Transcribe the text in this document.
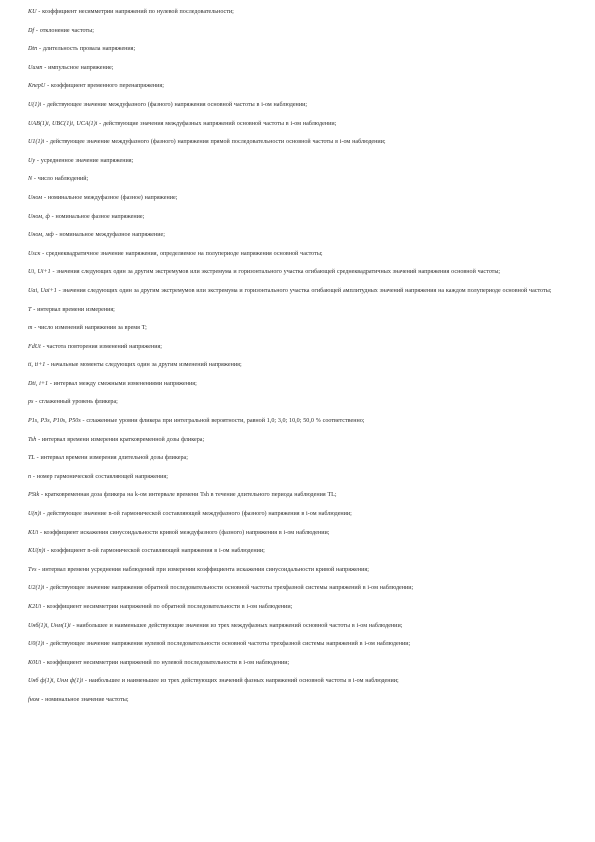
KU - коэффициент несимметрии напряжений по нулевой последовательности;
Df - отклонение частоты;
Dtп - длительность провала напряжения;
Uимп - импульсное напряжение;
KперU - коэффициент временного перенапряжения;
U(1)i - действующее значение междуфазного (фазного) напряжения основной частоты в i-ом наблюдении;
UAB(1)i, UBC(1)i, UCA(1)i - действующие значения междуфазных напряжений основной частоты в i-ом наблюдении;
U1(1)i - действующее значение междуфазного (фазного) напряжения прямой последовательности основной частоты в i-ом наблюдении;
Uy - усредненное значение напряжения;
N - число наблюдений;
Uном - номинальное междуфазное (фазное) напряжение;
Uном, ф - номинальное фазное напряжение;
Uном, мф - номинальное междуфазное напряжение;
Uscк - среднеквадратичное значение напряжения, определяемое на полупериоде напряжения основной частоты;
Ui, Ui+1 - значения следующих один за другим экстремумов или экстремума и горизонтального участка огибающей среднеквадратичных значений напряжения основной частоты;
Uai, Uai+1 - значения следующих один за другим экстремумов или экстремума и горизонтального участка огибающей амплитудных значений напряжения на каждом полупериоде основной частоты;
T - интервал времени измерения;
m - число изменений напряжения за время T;
FdUt - частота повторения изменений напряжения;
ti, ti+1 - начальные моменты следующих один за другим изменений напряжения;
Dti, i+1 - интервал между смежными изменениями напряжения;
ps - сглаженный уровень фликера;
P1s, P3s, P10s, P50s - сглаженные уровни фликера при интегральной вероятности, равной 1,0; 3,0; 10,0; 50,0 % соответственно;
Tsh - интервал времени измерения кратковременной дозы фликера;
TL - интервал времени измерения длительной дозы фликера;
n - номер гармонической составляющей напряжения;
PStk - кратковременная доза фликера на k-ом интервале времени Tsh в течение длительного периода наблюдения TL;
U(n)i - действующее значение n-ой гармонической составляющей междуфазного (фазного) напряжения в i-ом наблюдении;
KUi - коэффициент искажения синусоидальности кривой междуфазного (фазного) напряжения в i-ом наблюдении;
KU(n)i - коэффициент n-ой гармонической составляющей напряжения в i-ом наблюдении;
Tvs - интервал времени усреднения наблюдений при измерении коэффициента искажения синусоидальности кривой напряжения;
U2(1)i - действующее значение напряжения обратной последовательности основной частоты трехфазной системы напряжений в i-ом наблюдении;
K2Ui - коэффициент несимметрии напряжений по обратной последовательности в i-ом наблюдении;
Uнб(1)i, Uнм(1)i - наибольшее и наименьшее действующие значения из трех междуфазных напряжений основной частоты в i-ом наблюдении;
U0(1)i - действующее значение напряжения нулевой последовательности основной частоты трехфазной системы напряжений в i-ом наблюдении;
K0Ui - коэффициент несимметрии напряжений по нулевой последовательности в i-ом наблюдении;
Uнб ф(1)i, Uнм ф(1)i - наибольшее и наименьшее из трех действующих значений фазных напряжений основной частоты в i-ом наблюдении;
fном - номинальное значение частоты;
